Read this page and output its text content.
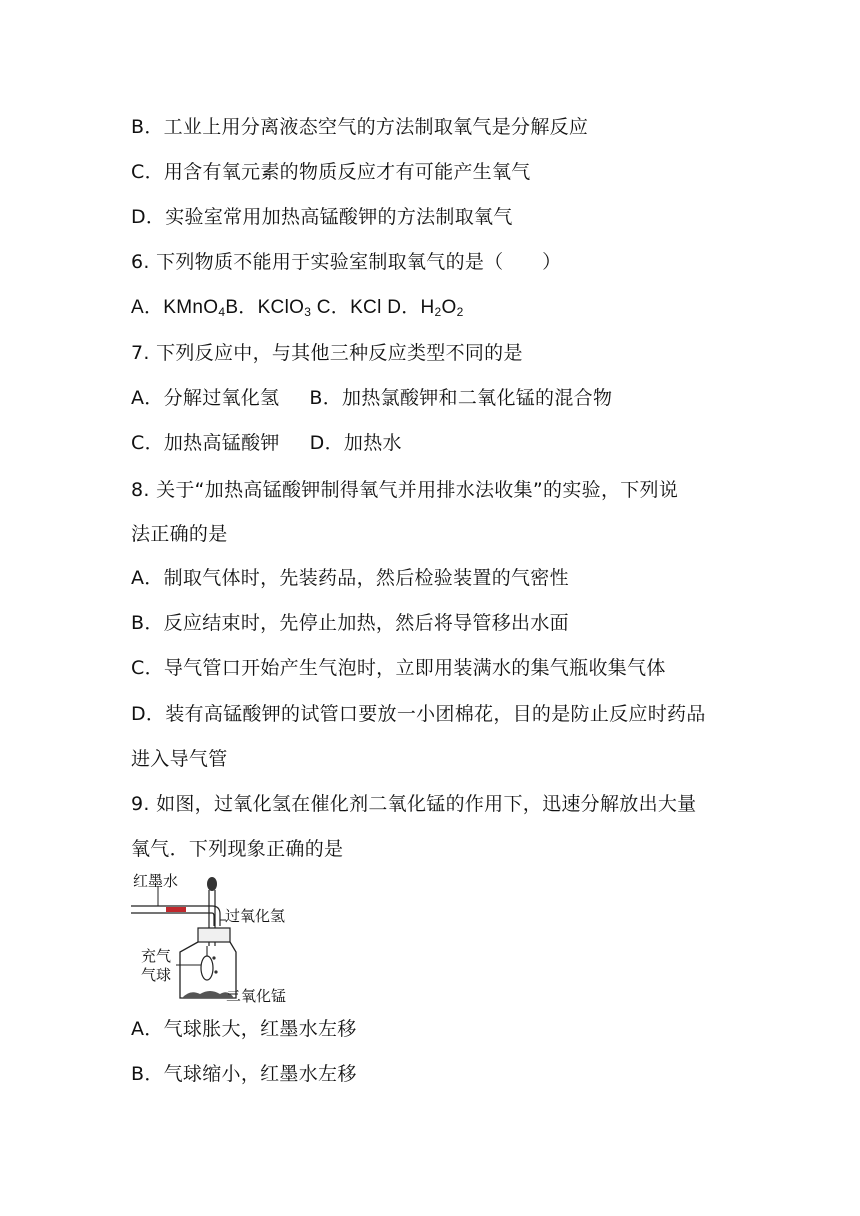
B．工业上用分离液态空气的方法制取氧气是分解反应
C．用含有氧元素的物质反应才有可能产生氧气
D．实验室常用加热高锰酸钾的方法制取氧气
6. 下列物质不能用于实验室制取氧气的是（　　）
A．KMnO$_4$B．KClO$_3$ C．KCl D．$H_2O_2$
7. 下列反应中，与其他三种反应类型不同的是
A．分解过氧化氢 B．加热氯酸钾和二氧化锰的混合物
C．加热高锰酸钾 D．加热水
8. 关于“加热高锰酸钾制得氧气并用排水法收集”的实验，下列说
法正确的是
A．制取气体时，先装药品，然后检验装置的气密性
B．反应结束时，先停止加热，然后将导管移出水面
C．导气管口开始产生气泡时，立即用装满水的集气瓶收集气体
D．装有高锰酸钾的试管口要放一小团棉花，目的是防止反应时药品
进入导气管
9. 如图，过氧化氢在催化剂二氧化锰的作用下，迅速分解放出大量
氧气．下列现象正确的是
红墨水
过氧化氢
充气
气球
二氧化锰
A．气球胀大，红墨水左移
B．气球缩小，红墨水左移
